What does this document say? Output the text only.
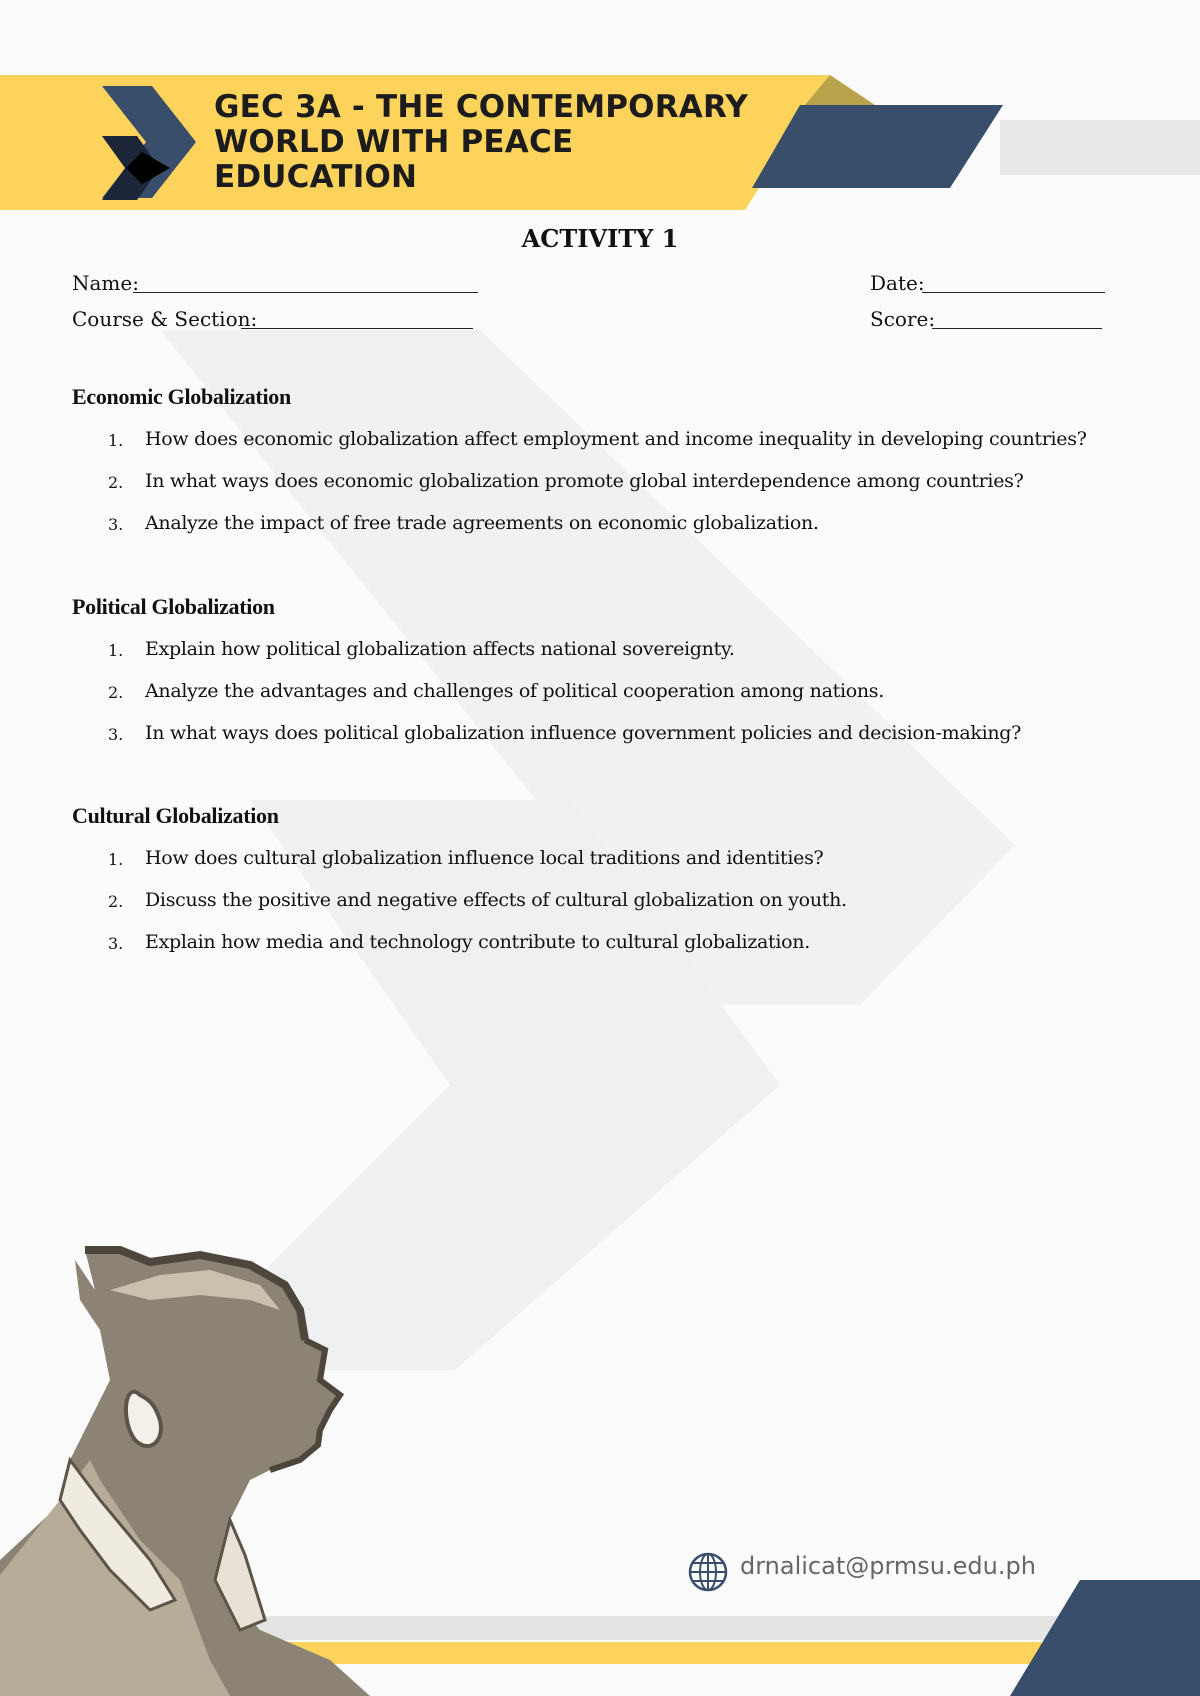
GEC 3A - THE CONTEMPORARY
WORLD WITH PEACE
EDUCATION
ACTIVITY 1
Name:
Course & Section:
Date:
Score:
Economic Globalization
1. How does economic globalization affect employment and income inequality in developing countries?
2. In what ways does economic globalization promote global interdependence among countries?
3. Analyze the impact of free trade agreements on economic globalization.
Political Globalization
1. Explain how political globalization affects national sovereignty.
2. Analyze the advantages and challenges of political cooperation among nations.
3. In what ways does political globalization influence government policies and decision-making?
Cultural Globalization
1. How does cultural globalization influence local traditions and identities?
2. Discuss the positive and negative effects of cultural globalization on youth.
3. Explain how media and technology contribute to cultural globalization.
drnalicat@prmsu.edu.ph
